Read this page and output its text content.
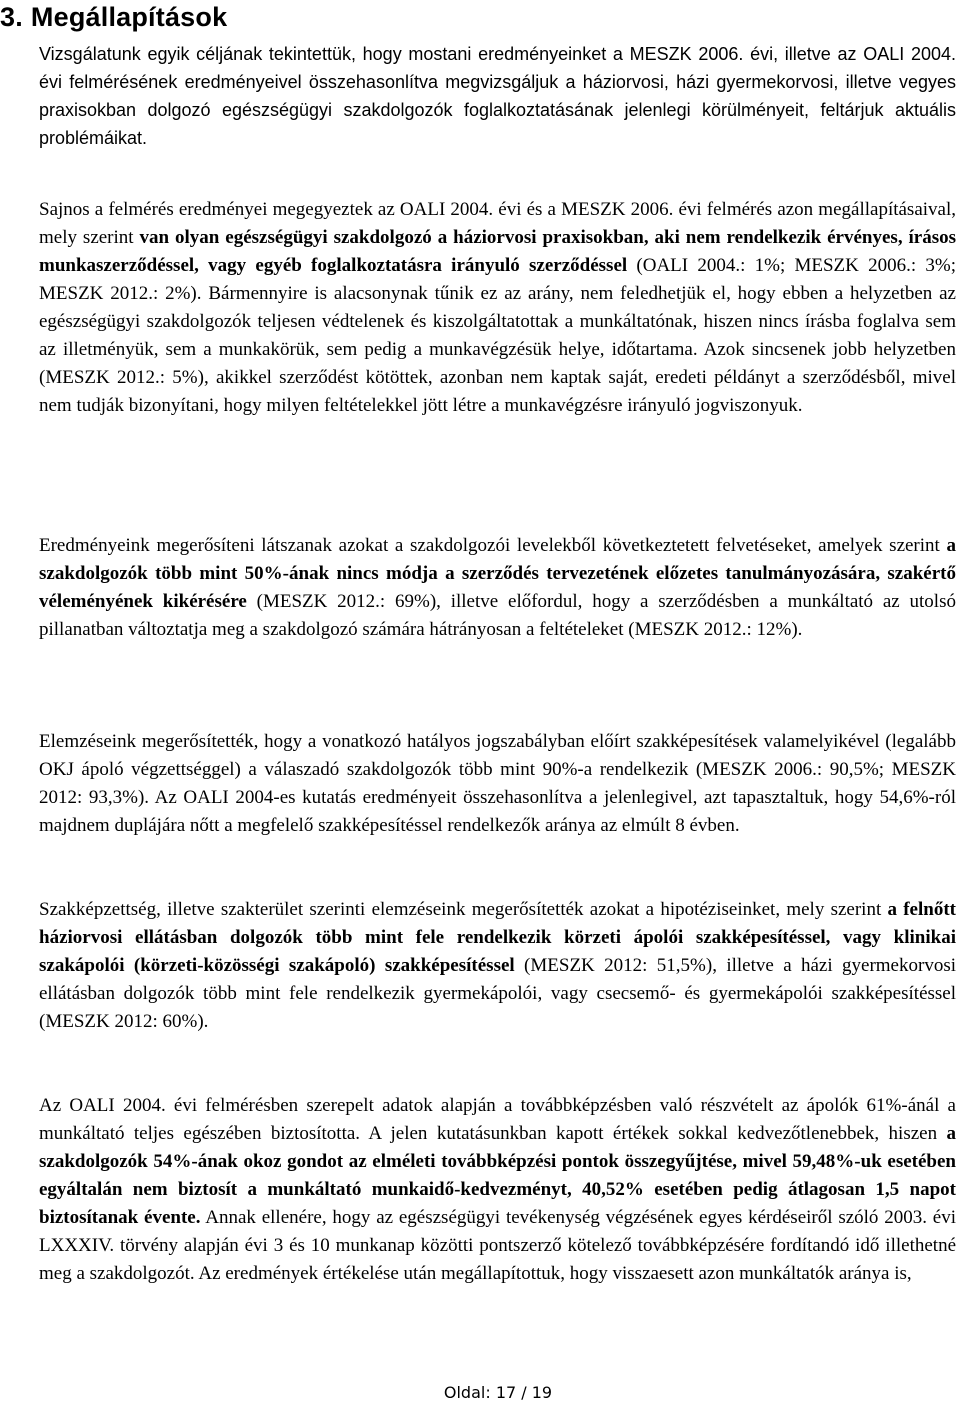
3. Megállapítások

Vizsgálatunk egyik céljának tekintettük, hogy mostani eredményeinket a MESZK 2006. évi, illetve az OALI 2004. évi felmérésének eredményeivel összehasonlítva megvizsgáljuk a háziorvosi, házi gyermekorvosi, illetve vegyes praxisokban dolgozó egészségügyi szakdolgozók foglalkoztatásának jelenlegi körülményeit, feltárjuk aktuális problémáikat.

Sajnos a felmérés eredményei megegyeztek az OALI 2004. évi és a MESZK 2006. évi felmérés azon megállapításaival, mely szerint van olyan egészségügyi szakdolgozó a háziorvosi praxisokban, aki nem rendelkezik érvényes, írásos munkaszerződéssel, vagy egyéb foglalkoztatásra irányuló szerződéssel (OALI 2004.: 1%; MESZK 2006.: 3%; MESZK 2012.: 2%). Bármennyire is alacsonynak tűnik ez az arány, nem feledhetjük el, hogy ebben a helyzetben az egészségügyi szakdolgozók teljesen védtelenek és kiszolgáltatottak a munkáltatónak, hiszen nincs írásba foglalva sem az illetményük, sem a munkakörük, sem pedig a munkavégzésük helye, időtartama. Azok sincsenek jobb helyzetben (MESZK 2012.: 5%), akikkel szerződést kötöttek, azonban nem kaptak saját, eredeti példányt a szerződésből, mivel nem tudják bizonyítani, hogy milyen feltételekkel jött létre a munkavégzésre irányuló jogviszonyuk.

Eredményeink megerősíteni látszanak azokat a szakdolgozói levelekből következtetett felvetéseket, amelyek szerint a szakdolgozók több mint 50%-ának nincs módja a szerződés tervezetének előzetes tanulmányozására, szakértő véleményének kikérésére (MESZK 2012.: 69%), illetve előfordul, hogy a szerződésben a munkáltató az utolsó pillanatban változtatja meg a szakdolgozó számára hátrányosan a feltételeket (MESZK 2012.: 12%).

Elemzéseink megerősítették, hogy a vonatkozó hatályos jogszabályban előírt szakképesítések valamelyikével (legalább OKJ ápoló végzettséggel) a válaszadó szakdolgozók több mint 90%-a rendelkezik (MESZK 2006.: 90,5%; MESZK 2012: 93,3%). Az OALI 2004-es kutatás eredményeit összehasonlítva a jelenlegivel, azt tapasztaltuk, hogy 54,6%-ról majdnem duplájára nőtt a megfelelő szakképesítéssel rendelkezők aránya az elmúlt 8 évben.

Szakképzettség, illetve szakterület szerinti elemzéseink megerősítették azokat a hipotéziseinket, mely szerint a felnőtt háziorvosi ellátásban dolgozók több mint fele rendelkezik körzeti ápolói szakképesítéssel, vagy klinikai szakápolói (körzeti-közösségi szakápoló) szakképesítéssel (MESZK 2012: 51,5%), illetve a házi gyermekorvosi ellátásban dolgozók több mint fele rendelkezik gyermekápolói, vagy csecsemő- és gyermekápolói szakképesítéssel (MESZK 2012: 60%).

Az OALI 2004. évi felmérésben szerepelt adatok alapján a továbbképzésben való részvételt az ápolók 61%-ánál a munkáltató teljes egészében biztosította. A jelen kutatásunkban kapott értékek sokkal kedvezőtlenebbek, hiszen a szakdolgozók 54%-ának okoz gondot az elméleti továbbképzési pontok összegyűjtése, mivel 59,48%-uk esetében egyáltalán nem biztosít a munkáltató munkaidő-kedvezményt, 40,52% esetében pedig átlagosan 1,5 napot biztosítanak évente. Annak ellenére, hogy az egészségügyi tevékenység végzésének egyes kérdéseiről szóló 2003. évi LXXXIV. törvény alapján évi 3 és 10 munkanap közötti pontszerző kötelező továbbképzésére fordítandó idő illethetné meg a szakdolgozót. Az eredmények értékelése után megállapítottuk, hogy visszaesett azon munkáltatók aránya is,

Oldal: 17 / 19
